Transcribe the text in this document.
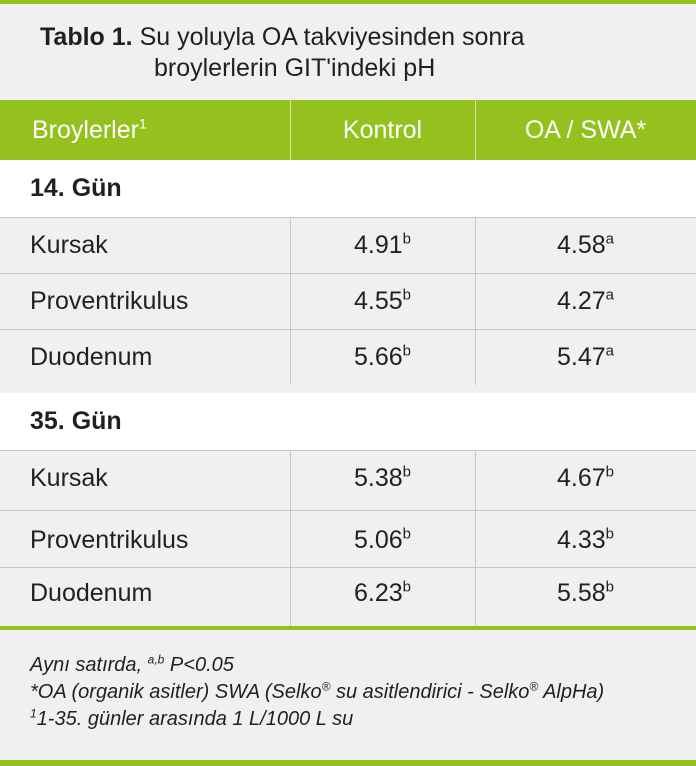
Tablo 1. Su yoluyla OA takviyesinden sonra
broylerlerin GIT'indeki pH
Broylerler$^1$	Kontrol	OA / SWA*
14. Gün
Kursak	4.91$^b$	4.58$^a$
Proventrikulus	4.55$^b$	4.27$^a$
Duodenum	5.66$^b$	5.47$^a$
35. Gün
Kursak	5.38$^b$	4.67$^b$
Proventrikulus	5.06$^b$	4.33$^b$
Duodenum	6.23$^b$	5.58$^b$
Aynı satırda, $^{a,b}$ P<0.05
*OA (organik asitler) SWA (Selko® su asitlendirici - Selko® AlpHa)
$^1$1-35. günler arasında 1 L/1000 L su
